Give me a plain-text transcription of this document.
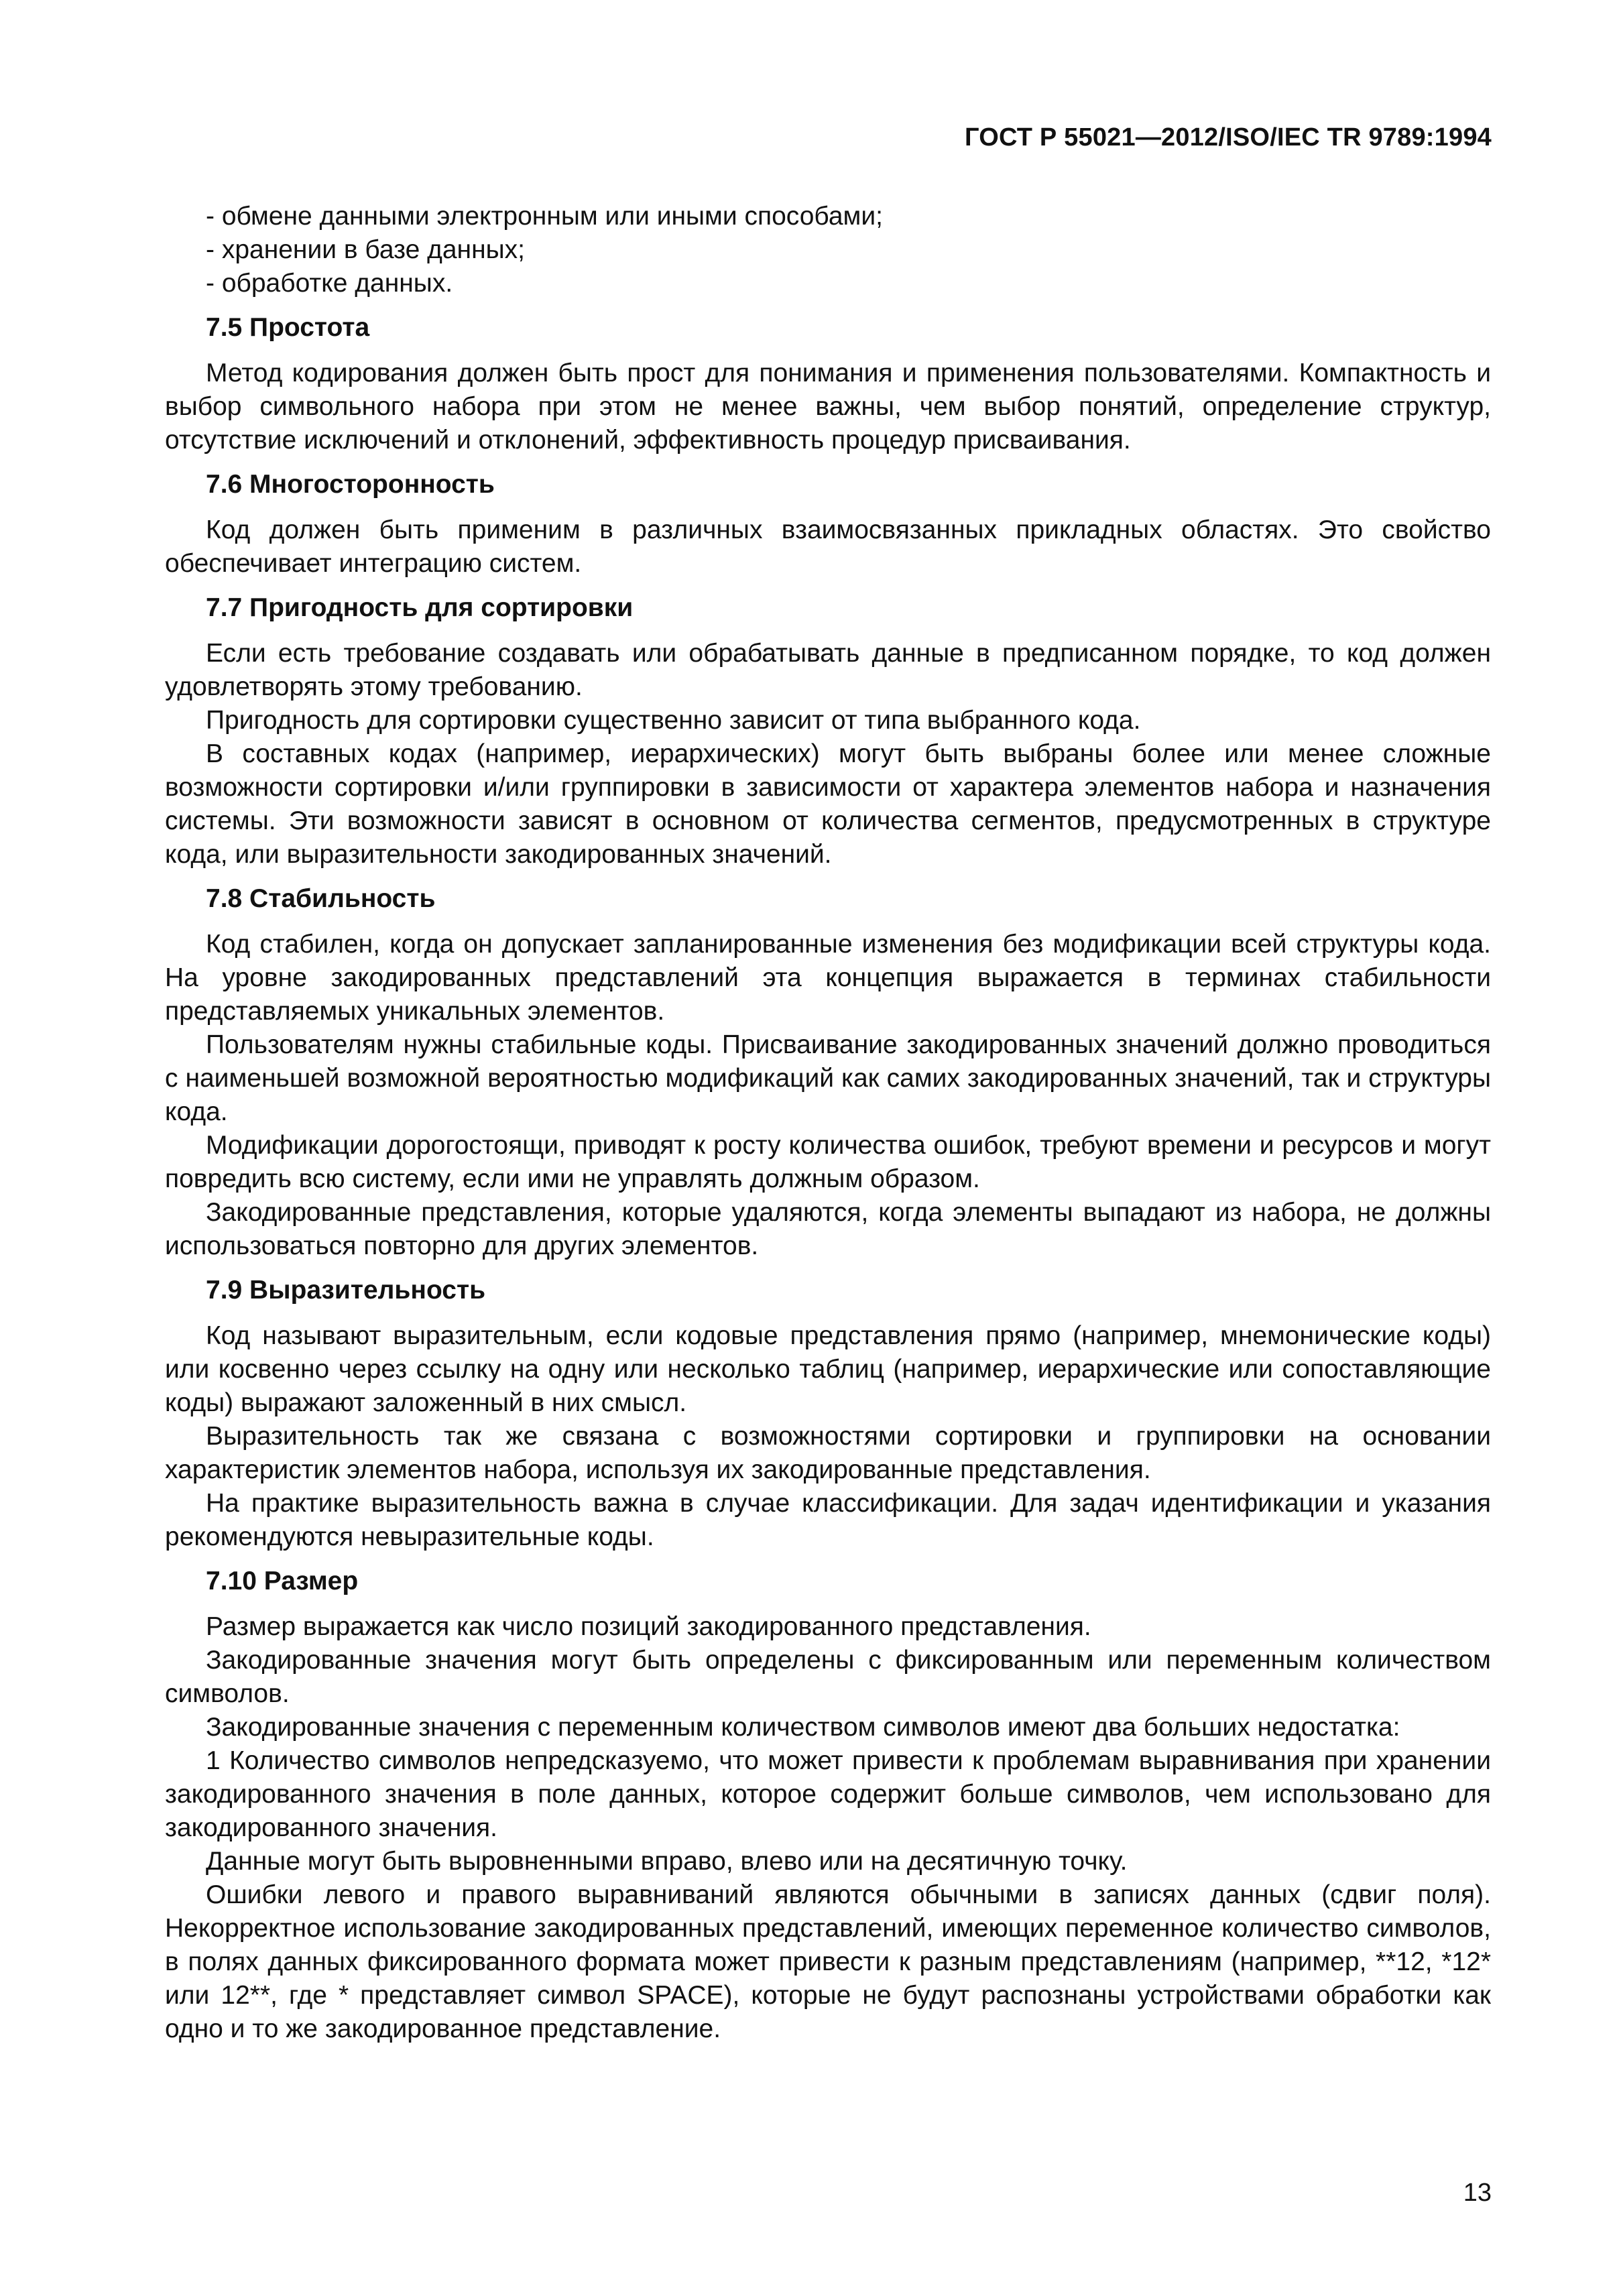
ГОСТ Р 55021—2012/ISO/IEC TR 9789:1994

- обмене данными электронным или иными способами;

- хранении в базе данных;

- обработке данных.

7.5 Простота

Метод кодирования должен быть прост для понимания и применения пользователями. Компактность и выбор символьного набора при этом не менее важны, чем выбор понятий, определение структур, отсутствие исключений и отклонений, эффективность процедур присваивания.

7.6 Многосторонность

Код должен быть применим в различных взаимосвязанных прикладных областях. Это свойство обеспечивает интеграцию систем.

7.7 Пригодность для сортировки

Если есть требование создавать или обрабатывать данные в предписанном порядке, то код должен удовлетворять этому требованию.

Пригодность для сортировки существенно зависит от типа выбранного кода.

В составных кодах (например, иерархических) могут быть выбраны более или менее сложные возможности сортировки и/или группировки в зависимости от характера элементов набора и назначения системы. Эти возможности зависят в основном от количества сегментов, предусмотренных в структуре кода, или выразительности закодированных значений.

7.8 Стабильность

Код стабилен, когда он допускает запланированные изменения без модификации всей структуры кода. На уровне закодированных представлений эта концепция выражается в терминах стабильности представляемых уникальных элементов.

Пользователям нужны стабильные коды. Присваивание закодированных значений должно проводиться с наименьшей возможной вероятностью модификаций как самих закодированных значений, так и структуры кода.

Модификации дорогостоящи, приводят к росту количества ошибок, требуют времени и ресурсов и могут повредить всю систему, если ими не управлять должным образом.

Закодированные представления, которые удаляются, когда элементы выпадают из набора, не должны использоваться повторно для других элементов.

7.9 Выразительность

Код называют выразительным, если кодовые представления прямо (например, мнемонические коды) или косвенно через ссылку на одну или несколько таблиц (например, иерархические или сопоставляющие коды) выражают заложенный в них смысл.

Выразительность так же связана с возможностями сортировки и группировки на основании характеристик элементов набора, используя их закодированные представления.

На практике выразительность важна в случае классификации. Для задач идентификации и указания рекомендуются невыразительные коды.

7.10 Размер

Размер выражается как число позиций закодированного представления.

Закодированные значения могут быть определены с фиксированным или переменным количеством символов.

Закодированные значения с переменным количеством символов имеют два больших недостатка:

1 Количество символов непредсказуемо, что может привести к проблемам выравнивания при хранении закодированного значения в поле данных, которое содержит больше символов, чем использовано для закодированного значения.

Данные могут быть выровненными вправо, влево или на десятичную точку.

Ошибки левого и правого выравниваний являются обычными в записях данных (сдвиг поля). Некорректное использование закодированных представлений, имеющих переменное количество символов, в полях данных фиксированного формата может привести к разным представлениям (например, **12, *12* или 12**, где * представляет символ SPACE), которые не будут распознаны устройствами обработки как одно и то же закодированное представление.

13
